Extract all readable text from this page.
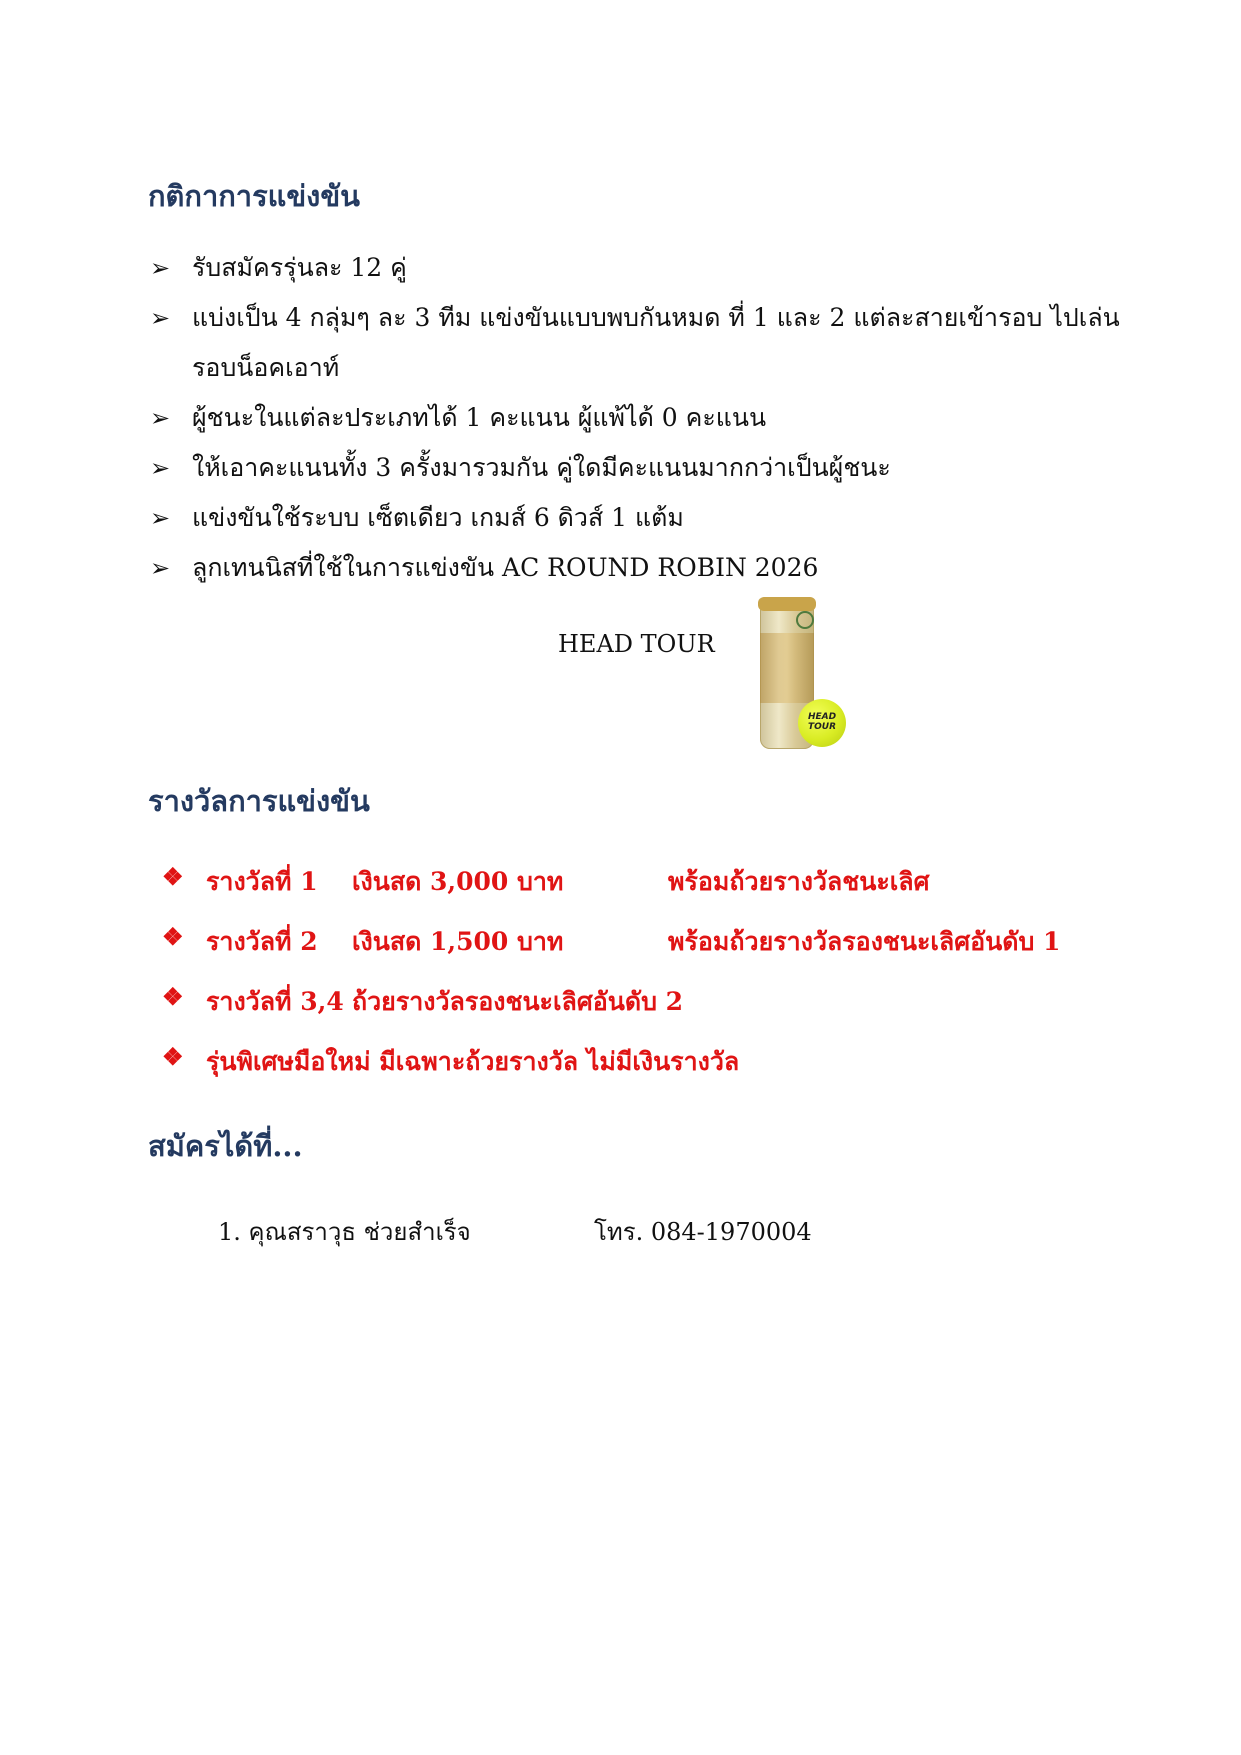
กติกาการแข่งขัน
➢ รับสมัครรุ่นละ 12 คู่
➢ แบ่งเป็น 4 กลุ่มๆ ละ 3 ทีม แข่งขันแบบพบกันหมด ที่ 1 และ 2 แต่ละสายเข้ารอบ ไปเล่น
รอบน็อคเอาท์
➢ ผู้ชนะในแต่ละประเภทได้ 1 คะแนน ผู้แพ้ได้ 0 คะแนน
➢ ให้เอาคะแนนทั้ง 3 ครั้งมารวมกัน คู่ใดมีคะแนนมากกว่าเป็นผู้ชนะ
➢ แข่งขันใช้ระบบ เซ็ตเดียว เกมส์ 6 ดิวส์ 1 แต้ม
➢ ลูกเทนนิสที่ใช้ในการแข่งขัน AC ROUND ROBIN 2026
HEAD TOUR
HEAD
TOUR
รางวัลการแข่งขัน
❖ รางวัลที่ 1 เงินสด 3,000 บาท	พร้อมถ้วยรางวัลชนะเลิศ
❖ รางวัลที่ 2 เงินสด 1,500 บาท	พร้อมถ้วยรางวัลรองชนะเลิศอันดับ 1
❖ รางวัลที่ 3,4 ถ้วยรางวัลรองชนะเลิศอันดับ 2
❖ รุ่นพิเศษมือใหม่ มีเฉพาะถ้วยรางวัล ไม่มีเงินรางวัล
สมัครได้ที่...
1. คุณสราวุธ ช่วยสำเร็จ	โทร. 084-1970004
